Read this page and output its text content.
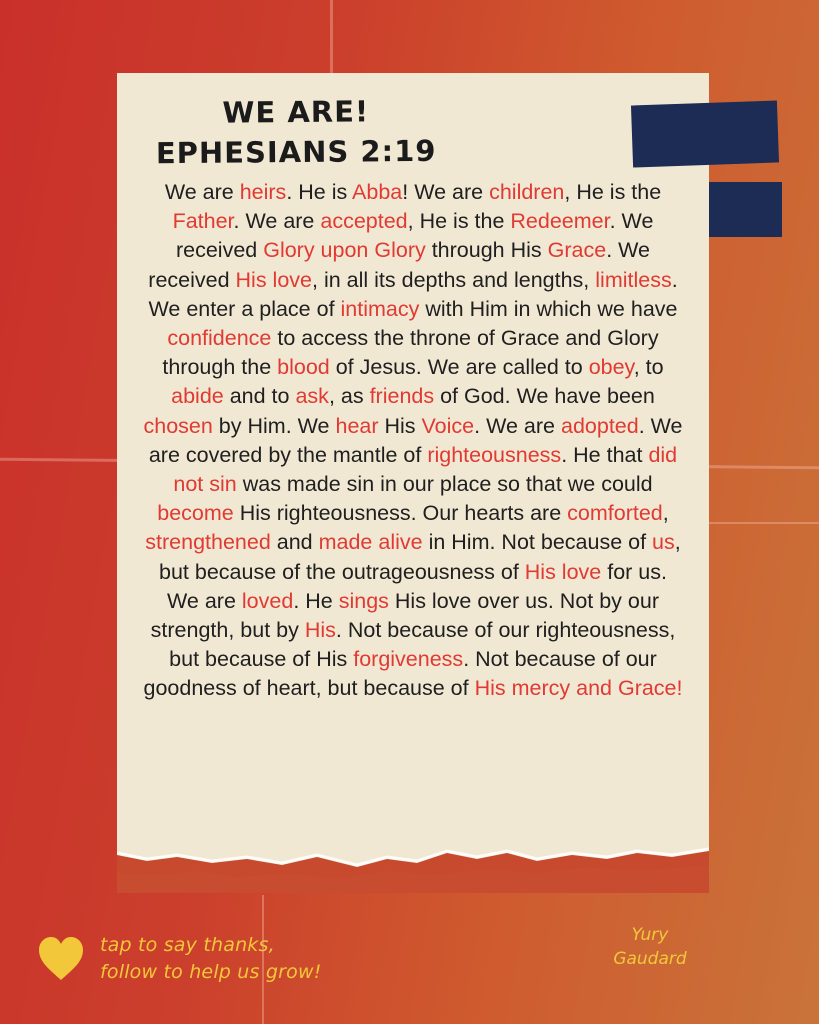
WE ARE!
EPHESIANS 2:19
We are heirs. He is Abba! We are children, He is the Father. We are accepted, He is the Redeemer. We received Glory upon Glory through His Grace. We received His love, in all its depths and lengths, limitless. We enter a place of intimacy with Him in which we have confidence to access the throne of Grace and Glory through the blood of Jesus. We are called to obey, to abide and to ask, as friends of God. We have been chosen by Him. We hear His Voice. We are adopted. We are covered by the mantle of righteousness. He that did not sin was made sin in our place so that we could become His righteousness. Our hearts are comforted, strengthened and made alive in Him. Not because of us, but because of the outrageousness of His love for us. We are loved. He sings His love over us. Not by our strength, but by His. Not because of our righteousness, but because of His forgiveness. Not because of our goodness of heart, but because of His mercy and Grace!
tap to say thanks,
follow to help us grow!
Yury
Gaudard
